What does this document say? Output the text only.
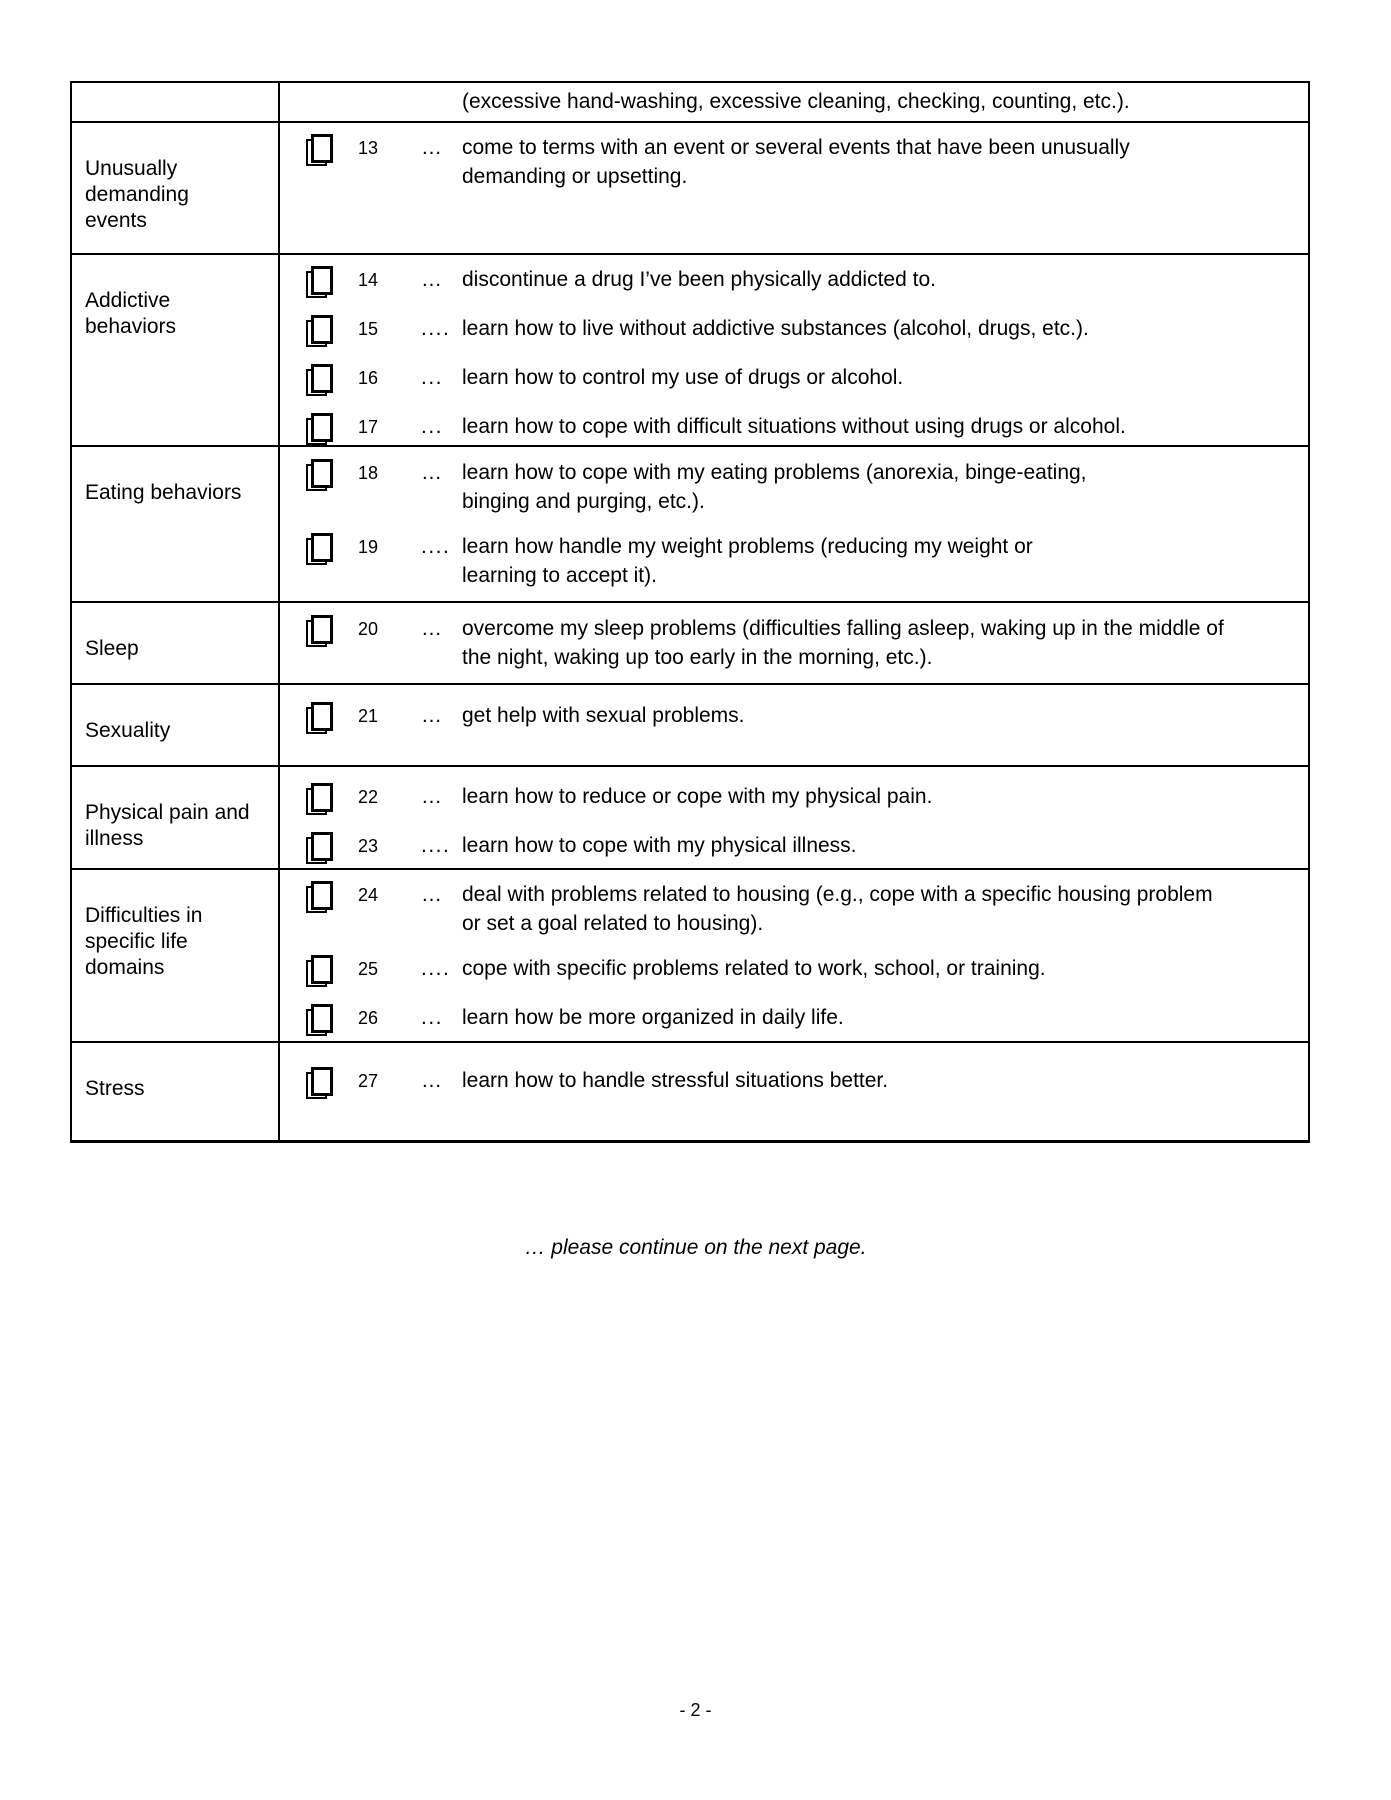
(excessive hand-washing, excessive cleaning, checking, counting, etc.).
Unusually
demanding
events
13 … come to terms with an event or several events that have been unusually
demanding or upsetting.
Addictive
behaviors
14 … discontinue a drug I’ve been physically addicted to.
15 .... learn how to live without addictive substances (alcohol, drugs, etc.).
16 ... learn how to control my use of drugs or alcohol.
17 ... learn how to cope with difficult situations without using drugs or alcohol.
Eating behaviors
18 … learn how to cope with my eating problems (anorexia, binge-eating,
binging and purging, etc.).
19 .... learn how handle my weight problems (reducing my weight or
learning to accept it).
Sleep
20 … overcome my sleep problems (difficulties falling asleep, waking up in the middle of
the night, waking up too early in the morning, etc.).
Sexuality
21 … get help with sexual problems.
Physical pain and
illness
22 … learn how to reduce or cope with my physical pain.
23 .... learn how to cope with my physical illness.
Difficulties in
specific life
domains
24 … deal with problems related to housing (e.g., cope with a specific housing problem
or set a goal related to housing).
25 .... cope with specific problems related to work, school, or training.
26 ... learn how be more organized in daily life.
Stress	27 … learn how to handle stressful situations better.
… please continue on the next page.
- 2 -
